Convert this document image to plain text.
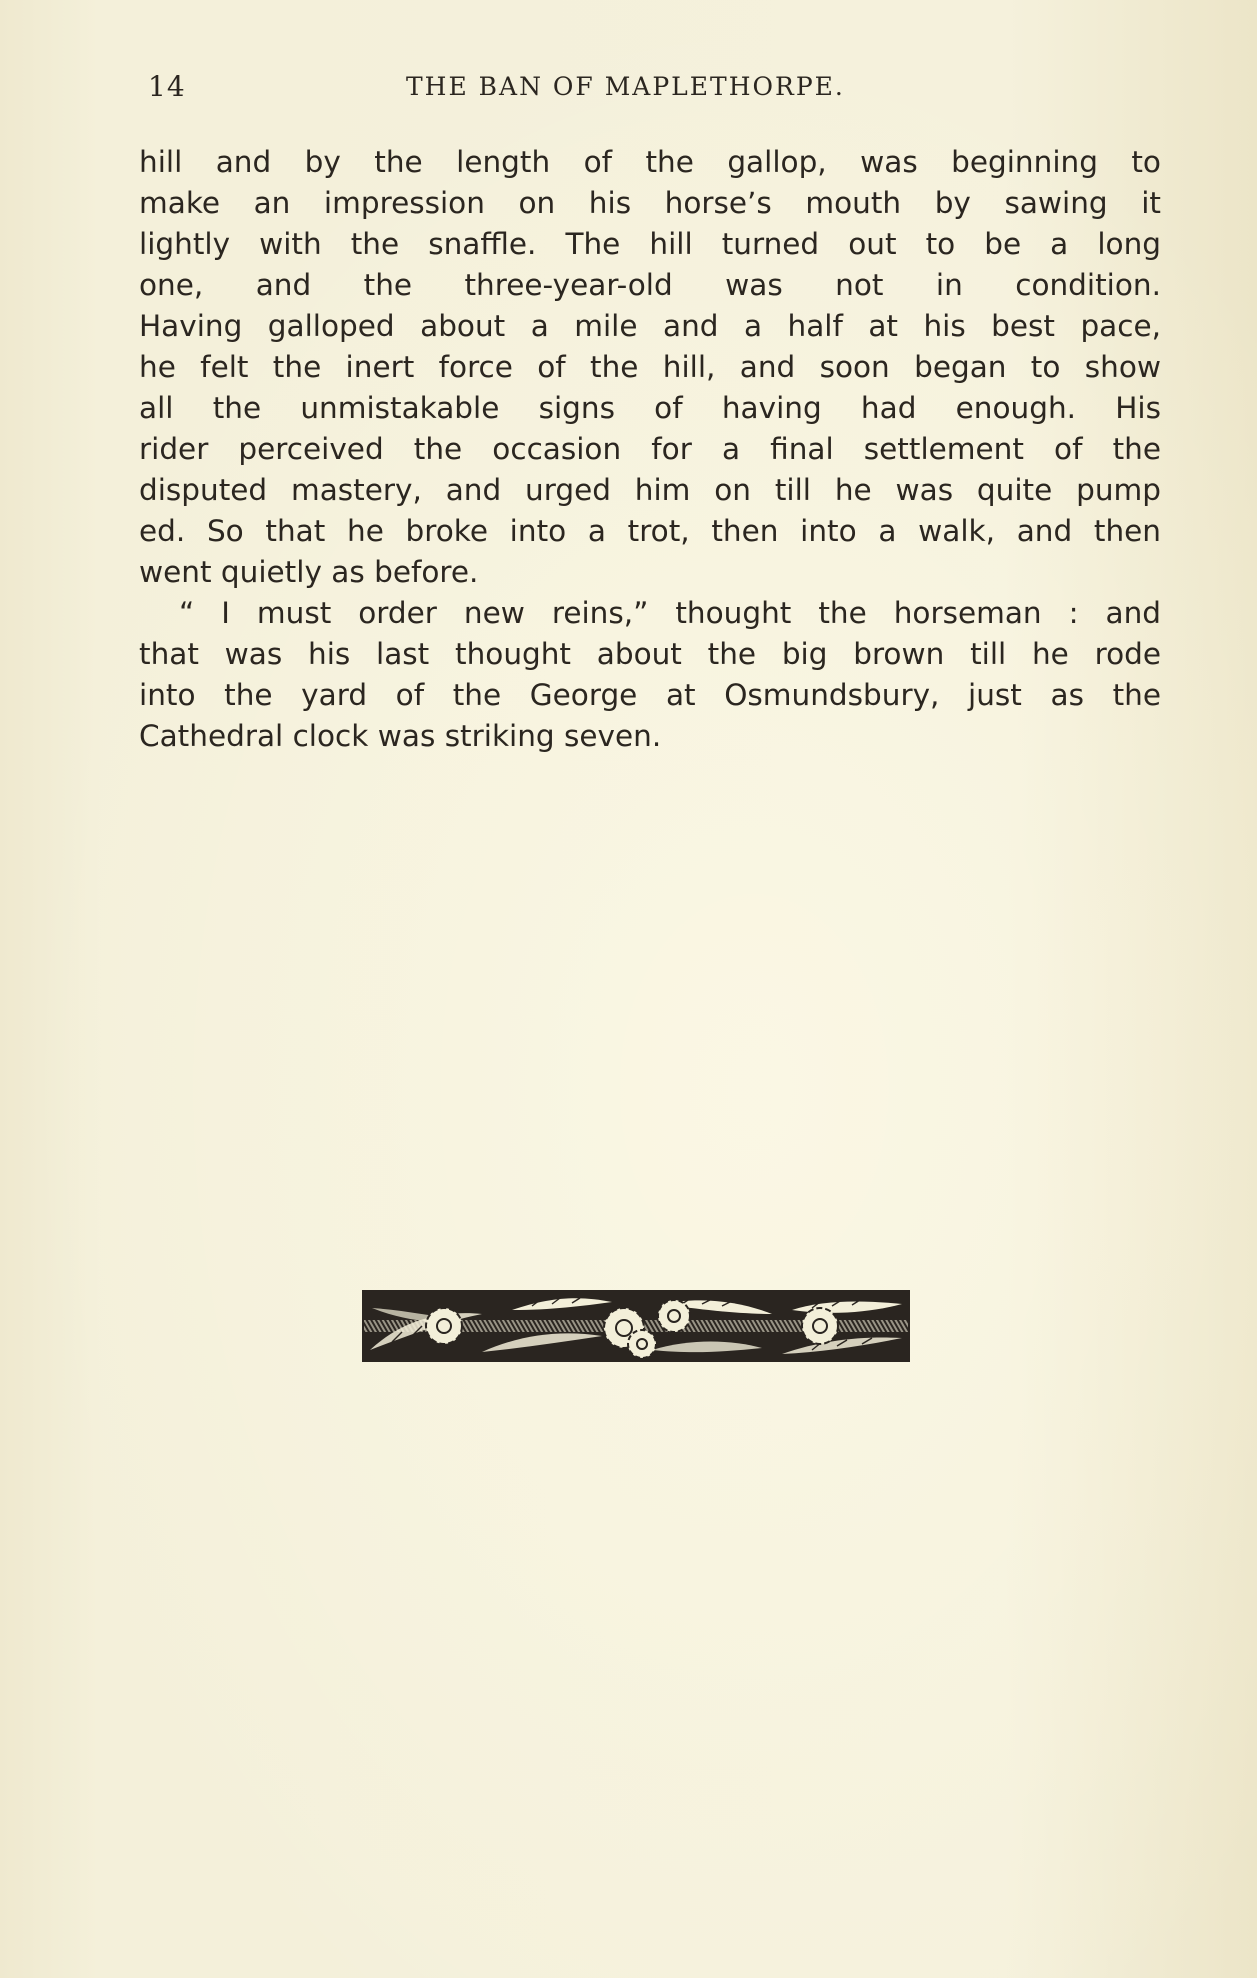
14	THE BAN OF MAPLETHORPE.
hill and by the length of the gallop, was beginning to
make an impression on his horse’s mouth by sawing it
lightly with the snaffle. The hill turned out to be a long
one, and the three-year-old was not in condition.
Having galloped about a mile and a half at his best pace,
he felt the inert force of the hill, and soon began to show
all the unmistakable signs of having had enough. His
rider perceived the occasion for a final settlement of the
disputed mastery, and urged him on till he was quite pump
ed. So that he broke into a trot, then into a walk, and then
went quietly as before.
“ I must order new reins,” thought the horseman : and
that was his last thought about the big brown till he rode
into the yard of the George at Osmundsbury, just as the
Cathedral clock was striking seven.
